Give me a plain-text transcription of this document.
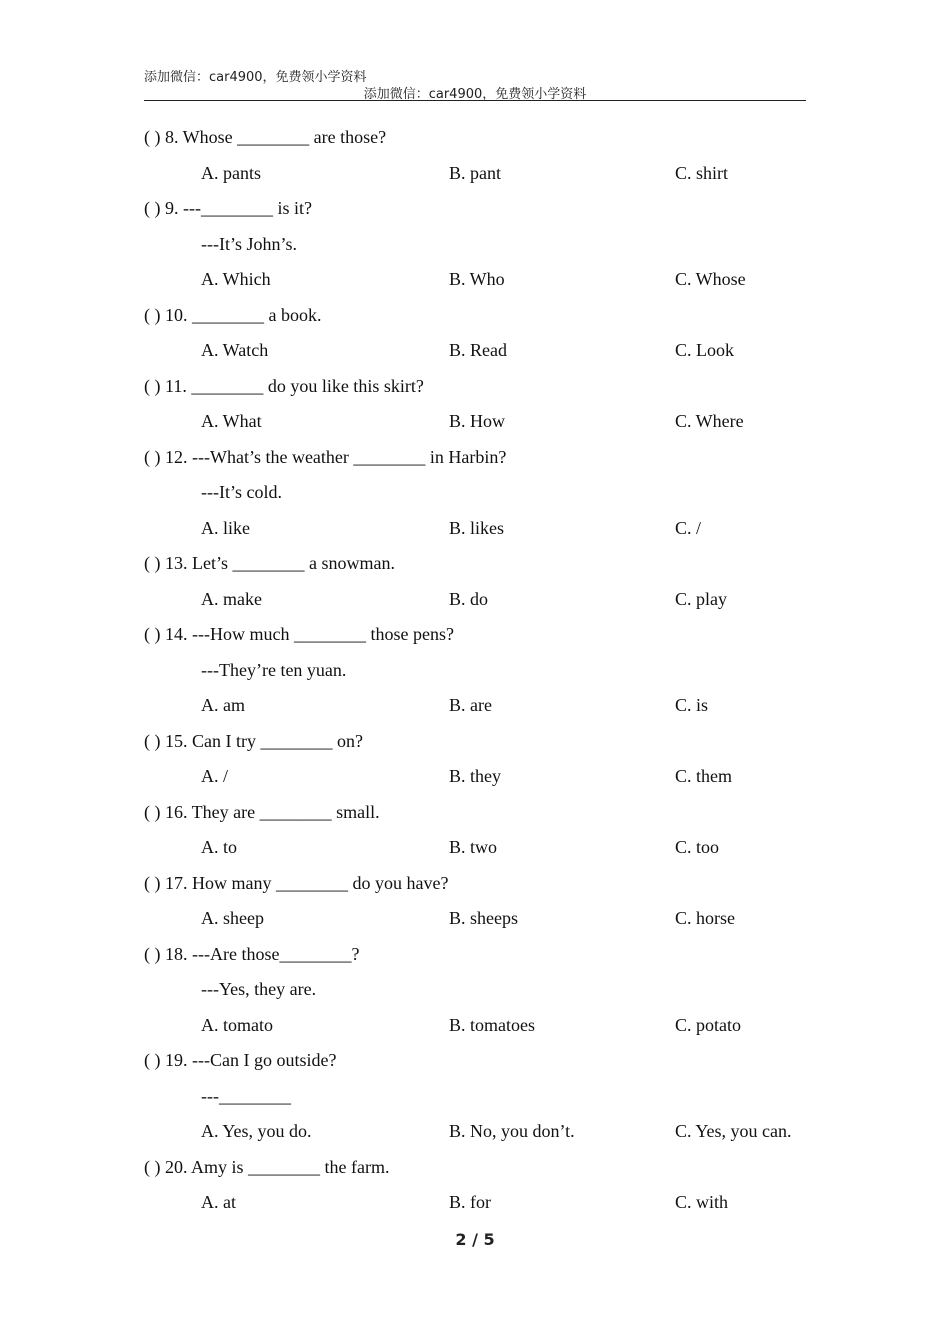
添加微信：car4900，免费领小学资料
添加微信：car4900，免费领小学资料
( ) 8. Whose ________ are those?
A. pants	B. pant	C. shirt
( ) 9. ---________ is it?
---It’s John’s.
A. Which	B. Who	C. Whose
( ) 10. ________ a book.
A. Watch	B. Read	C. Look
( ) 11. ________ do you like this skirt?
A. What	B. How	C. Where
( ) 12. ---What’s the weather ________ in Harbin?
---It’s cold.
A. like	B. likes	C. /
( ) 13. Let’s ________ a snowman.
A. make	B. do	C. play
( ) 14. ---How much ________ those pens?
---They’re ten yuan.
A. am	B. are	C. is
( ) 15. Can I try ________ on?
A. /	B. they	C. them
( ) 16. They are ________ small.
A. to	B. two	C. too
( ) 17. How many ________ do you have?
A. sheep	B. sheeps	C. horse
( ) 18. ---Are those________?
---Yes, they are.
A. tomato	B. tomatoes	C. potato
( ) 19. ---Can I go outside?
---________
A. Yes, you do.	B. No, you don’t.	C. Yes, you can.
( ) 20. Amy is ________ the farm.
A. at	B. for	C. with
2 / 5
